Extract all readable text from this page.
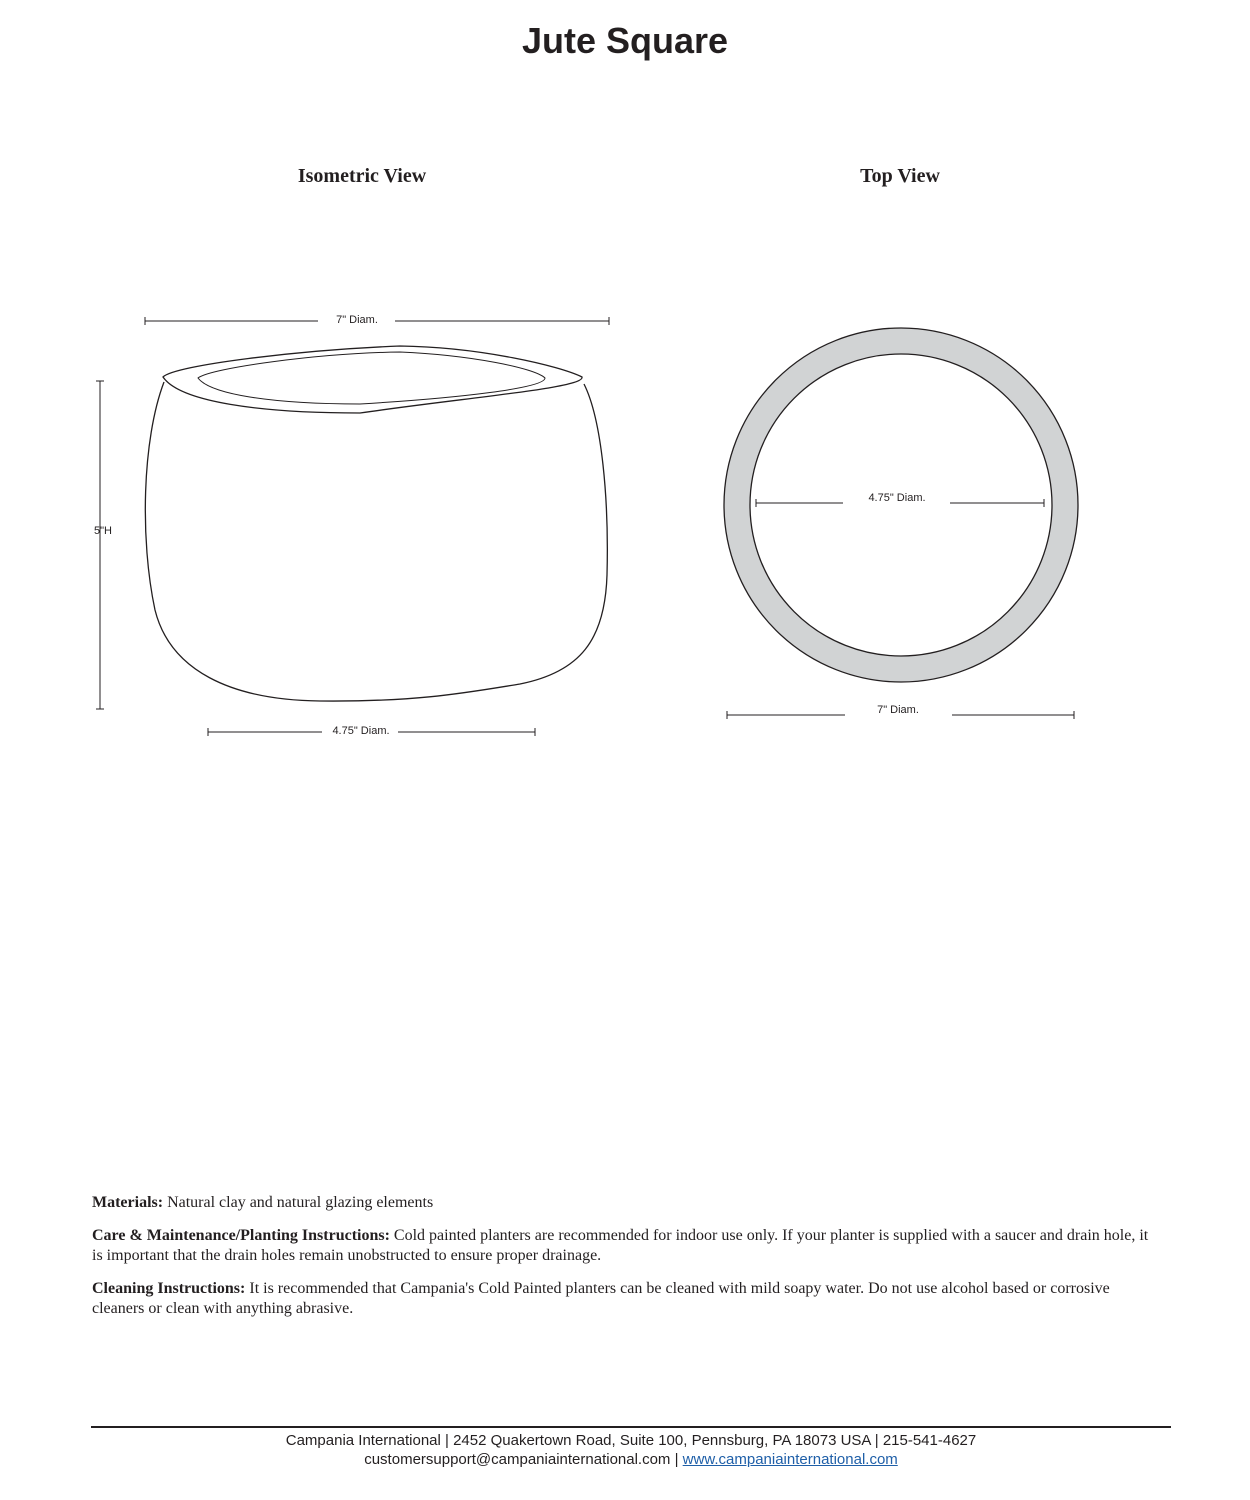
Jute Square
Isometric View	Top View
7" Diam.
5"H
4.75" Diam.
4.75" Diam.
7" Diam.

Materials: Natural clay and natural glazing elements

Care & Maintenance/Planting Instructions: Cold painted planters are recommended for indoor use only. If your planter is supplied with a saucer and drain hole, it is important that the drain holes remain unobstructed to ensure proper drainage.

Cleaning Instructions: It is recommended that Campania's Cold Painted planters can be cleaned with mild soapy water. Do not use alcohol based or corrosive cleaners or clean with anything abrasive.

Campania International | 2452 Quakertown Road, Suite 100, Pennsburg, PA 18073 USA | 215-541-4627
customersupport@campaniainternational.com | www.campaniainternational.com
